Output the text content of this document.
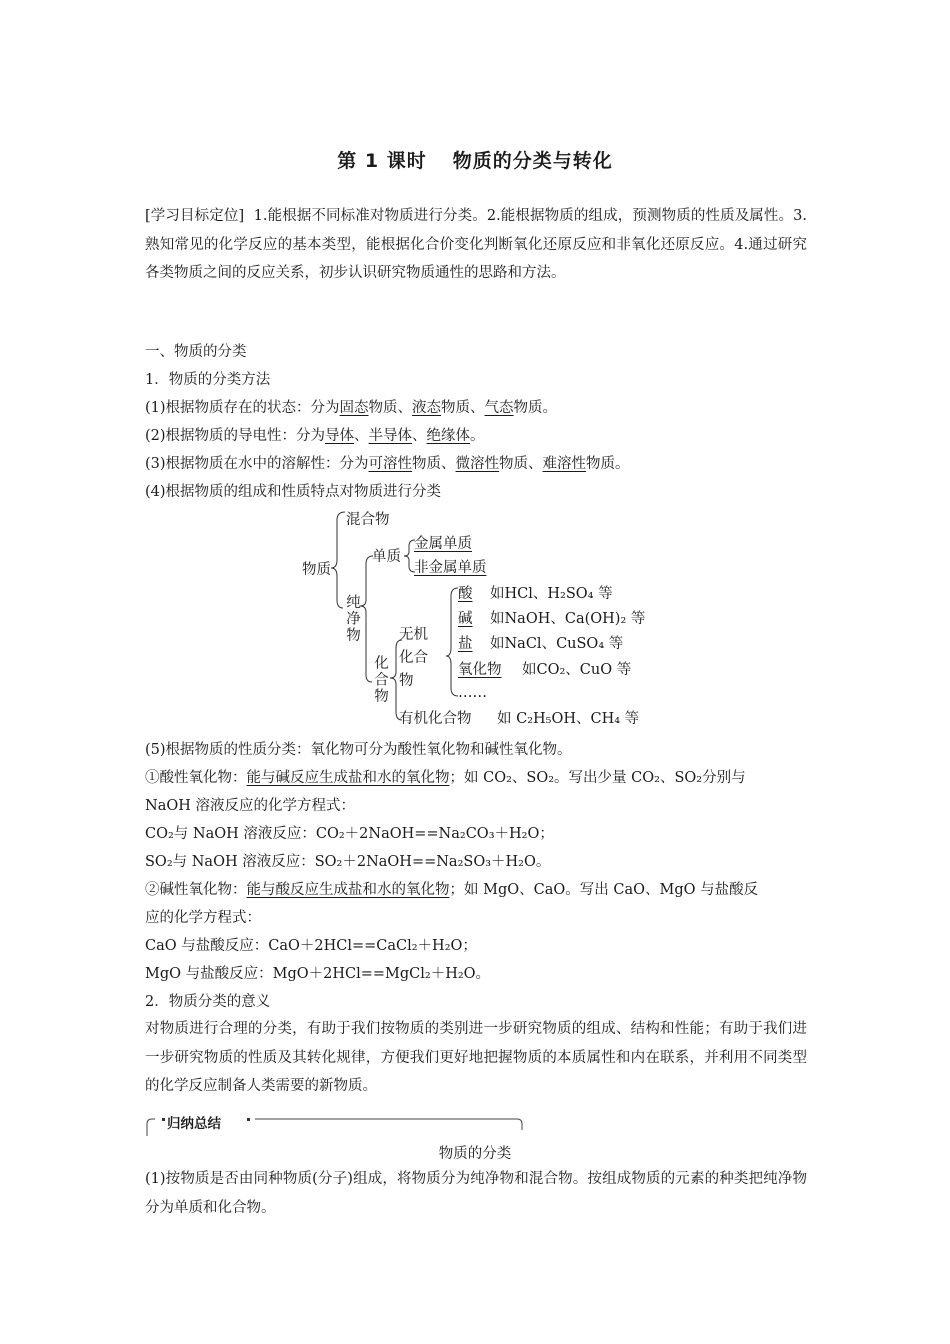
第 1 课时 物质的分类与转化
[学习目标定位] 1.能根据不同标准对物质进行分类。2.能根据物质的组成，预测物质的性质及属性。3.熟知常见的化学反应的基本类型，能根据化合价变化判断氧化还原反应和非氧化还原反应。4.通过研究各类物质之间的反应关系，初步认识研究物质通性的思路和方法。
一、物质的分类
1．物质的分类方法
(1)根据物质存在的状态：分为固态物质、液态物质、气态物质。
(2)根据物质的导电性：分为导体、半导体、绝缘体。
(3)根据物质在水中的溶解性：分为可溶性物质、微溶性物质、难溶性物质。
(4)根据物质的组成和性质特点对物质进行分类
物质
混合物
纯净物
单质
金属单质
非金属单质
化合物
无机化合物
有机化合物
酸 如HCl、H₂SO₄ 等
碱 如NaOH、Ca(OH)₂ 等
盐 如NaCl、CuSO₄ 等
氧化物 如CO₂、CuO 等
……
如 C₂H₅OH、CH₄ 等
(5)根据物质的性质分类：氧化物可分为酸性氧化物和碱性氧化物。
①酸性氧化物：能与碱反应生成盐和水的氧化物；如 CO₂、SO₂。写出少量 CO₂、SO₂分别与
NaOH 溶液反应的化学方程式：
CO₂与 NaOH 溶液反应：CO₂＋2NaOH==Na₂CO₃＋H₂O；
SO₂与 NaOH 溶液反应：SO₂＋2NaOH==Na₂SO₃＋H₂O。
②碱性氧化物：能与酸反应生成盐和水的氧化物；如 MgO、CaO。写出 CaO、MgO 与盐酸反
应的化学方程式：
CaO 与盐酸反应：CaO＋2HCl==CaCl₂＋H₂O；
MgO 与盐酸反应：MgO＋2HCl==MgCl₂＋H₂O。
2．物质分类的意义
对物质进行合理的分类，有助于我们按物质的类别进一步研究物质的组成、结构和性能；有助于我们进一步研究物质的性质及其转化规律，方便我们更好地把握物质的本质属性和内在联系，并利用不同类型的化学反应制备人类需要的新物质。
归纳总结
物质的分类
(1)按物质是否由同种物质(分子)组成，将物质分为纯净物和混合物。按组成物质的元素的种类把纯净物分为单质和化合物。
